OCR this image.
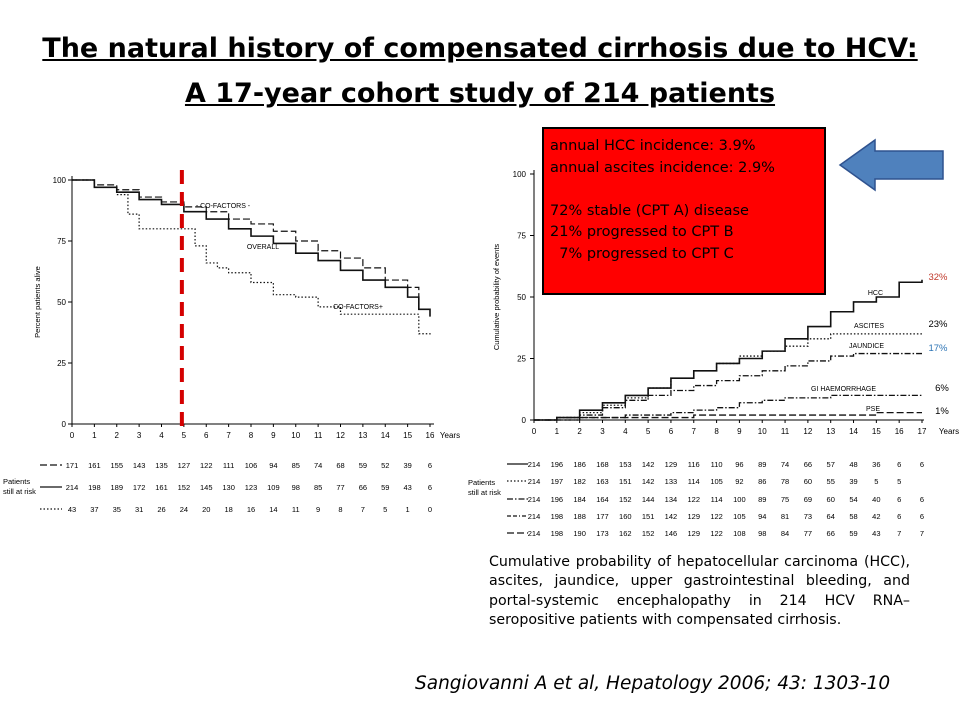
The natural history of compensated cirrhosis due to HCV:
A 17-year cohort study of 214 patients
0
25
50
75
100
0 1 2 3 4 5 6 7 8 9 10 11 12 13 14 15 16 Years
Percent patients alive
- CO-FACTORS -
OVERALL
CO-FACTORS+
171 161 155 143 135 127 122 111 106 94 85 74 68 59 52 39 6
214 198 189 172 161 152 145 130 123 109 98 85 77 66 59 43 6
43 37 35 31 26 24 20 18 16 14 11 9 8 7 5 1 0
Patients
still at risk
0
25
50
75
100
0 1 2 3 4 5 6 7 8 9 10 11 12 13 14 15 16 17 Years
Cumulative probability of events	HCC
32%
ASCITES	23%
JAUNDICE	17%
GI HAEMORRHAGE	6%
PSE	1%
214 196 186 168 153 142 129 116 110 96 89 74 66 57 48 36 6 6
214 197 182 163 151 142 133 114 105 92 86 78 60 55 39 5 5
214 196 184 164 152 144 134 122 114 100 89 75 69 60 54 40 6 6
214 198 188 177 160 151 142 129 122 105 94 81 73 64 58 42 6 6
214 198 190 173 162 152 146 129 122 108 98 84 77 66 59 43 7 7
Patients
still at risk
annual HCC incidence: 3.9%
annual ascites incidence: 2.9%
72% stable (CPT A) disease
21% progressed to CPT B
7% progressed to CPT C
Cumulative probability of hepatocellular carcinoma (HCC), ascites, jaundice, upper gastrointestinal bleeding, and portal-systemic encephalopathy in 214 HCV RNA–seropositive patients with compensated cirrhosis.
Sangiovanni A et al, Hepatology 2006; 43: 1303-10
